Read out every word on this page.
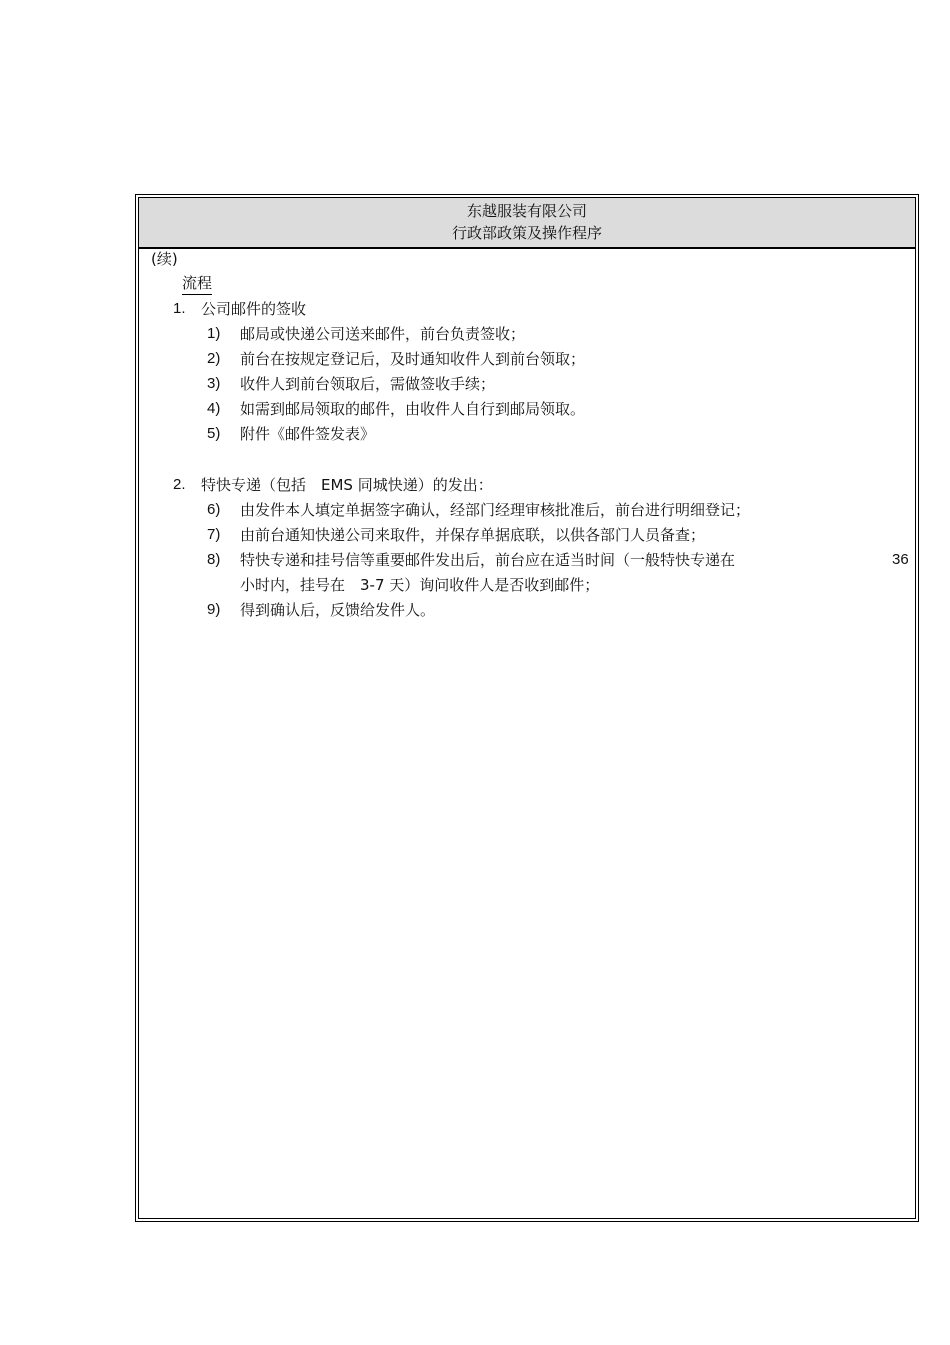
东越服装有限公司
行政部政策及操作程序
(续)
流程
1. 公司邮件的签收
1) 邮局或快递公司送来邮件，前台负责签收；
2) 前台在按规定登记后，及时通知收件人到前台领取；
3) 收件人到前台领取后，需做签收手续；
4) 如需到邮局领取的邮件，由收件人自行到邮局领取。
5) 附件《邮件签发表》
2. 特快专递（包括　EMS 同城快递）的发出：
6) 由发件本人填定单据签字确认，经部门经理审核批准后，前台进行明细登记；
7) 由前台通知快递公司来取件，并保存单据底联，以供各部门人员备查；
8) 特快专递和挂号信等重要邮件发出后，前台应在适当时间（一般特快专递在	36
小时内，挂号在　3-7 天）询问收件人是否收到邮件；
9) 得到确认后，反馈给发件人。
